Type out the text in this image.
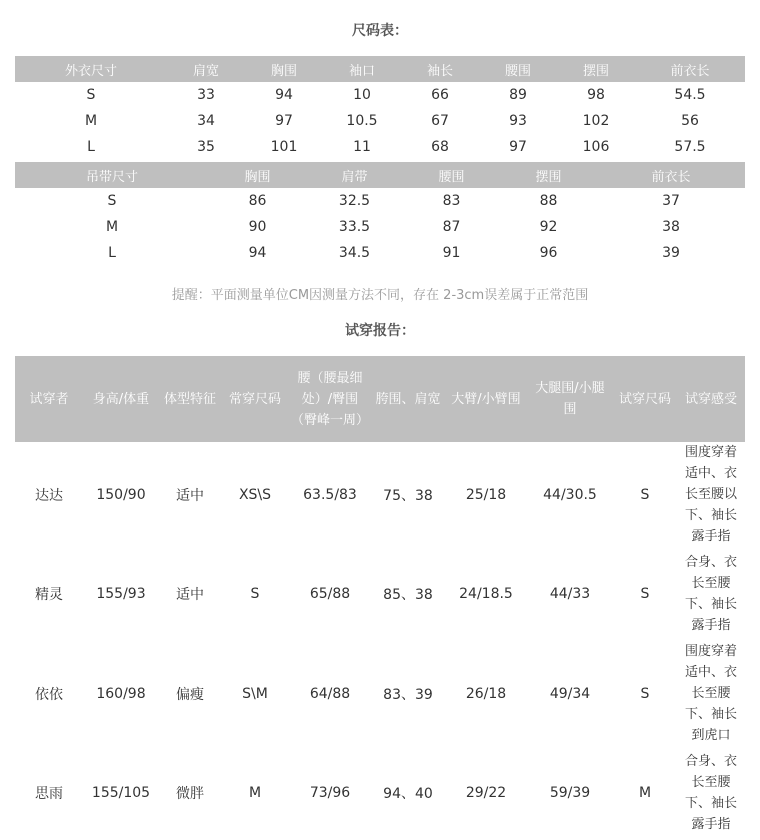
尺码表：
外衣尺寸	肩宽	胸围	袖口	袖长	腰围	摆围	前衣长
S	33	94	10	66	89	98	54.5
M	34	97	10.5	67	93	102	56
L	35	101	11	68	97	106	57.5
吊带尺寸	胸围	肩带	腰围	摆围	前衣长
S	86	32.5	83	88	37
M	90	33.5	87	92	38
L	94	34.5	91	96	39
提醒：平面测量单位CM因测量方法不同，存在 2-3cm误差属于正常范围
试穿报告：
试穿者	身高/体重	体型特征	常穿尺码	腰（腰最细处）/臀围（臀峰一周）	胯围、肩宽	大臂/小臂围	大腿围/小腿围	试穿尺码	试穿感受
达达	150/90	适中	XS\S	63.5/83	75、38	25/18	44/30.5	S	围度穿着适中、衣长至腰以下、袖长露手指
精灵	155/93	适中	S	65/88	85、38	24/18.5	44/33	S	合身、衣长至腰下、袖长露手指
依依	160/98	偏瘦	S\M	64/88	83、39	26/18	49/34	S	围度穿着适中、衣长至腰下、袖长到虎口
思雨	155/105	微胖	M	73/96	94、40	29/22	59/39	M	合身、衣长至腰下、袖长露手指
